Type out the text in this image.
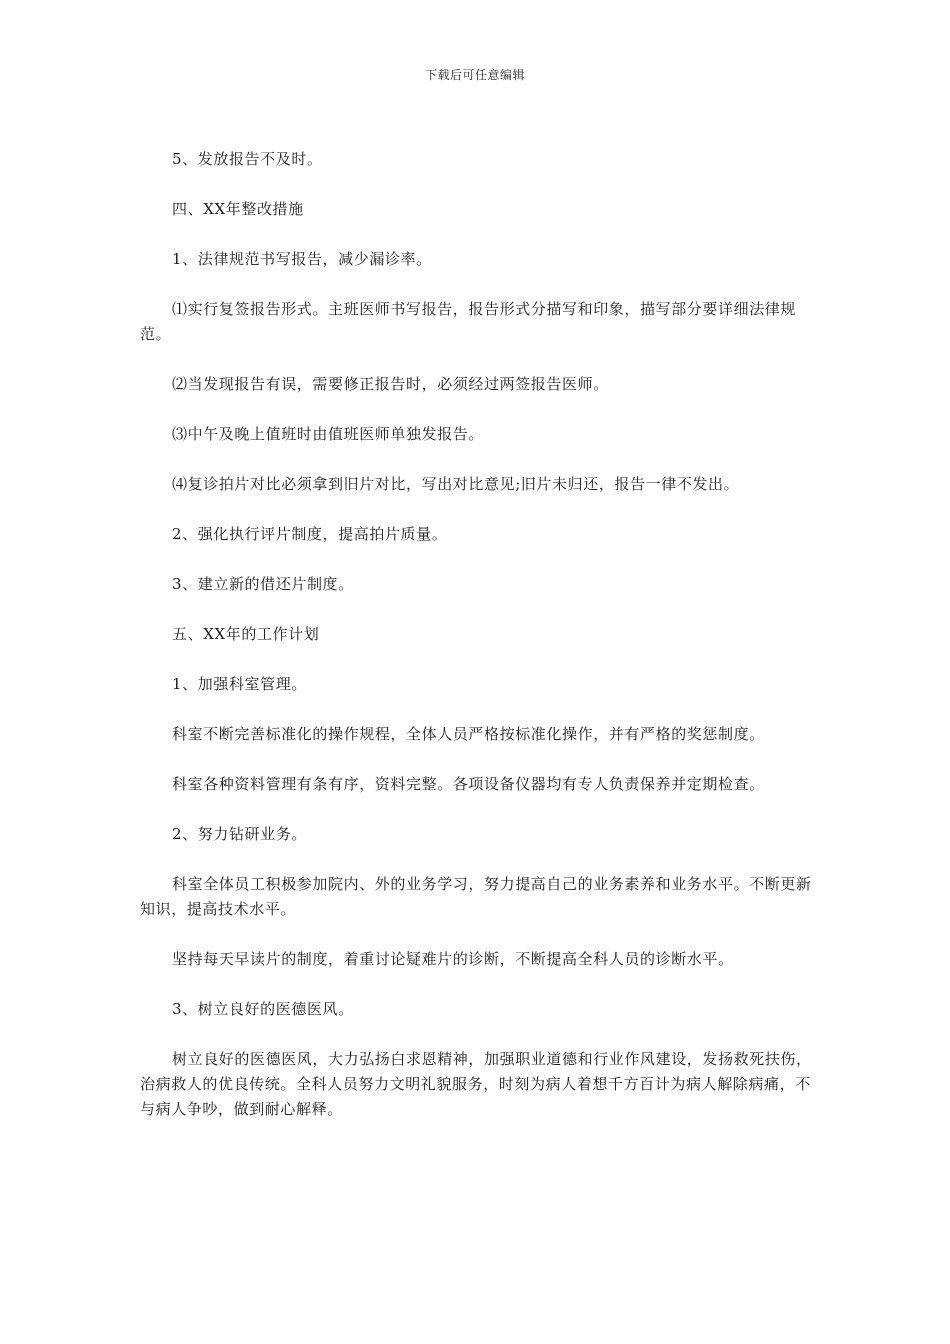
下载后可任意编辑

5、发放报告不及时。

四、XX年整改措施

1、法律规范书写报告，减少漏诊率。

⑴实行复签报告形式。主班医师书写报告，报告形式分描写和印象，描写部分要详细法律规范。

⑵当发现报告有误，需要修正报告时，必须经过两签报告医师。

⑶中午及晚上值班时由值班医师单独发报告。

⑷复诊拍片对比必须拿到旧片对比，写出对比意见;旧片未归还，报告一律不发出。

2、强化执行评片制度，提高拍片质量。

3、建立新的借还片制度。

五、XX年的工作计划

1、加强科室管理。

科室不断完善标准化的操作规程，全体人员严格按标准化操作，并有严格的奖惩制度。

科室各种资料管理有条有序，资料完整。各项设备仪器均有专人负责保养并定期检查。

2、努力钻研业务。

科室全体员工积极参加院内、外的业务学习，努力提高自己的业务素养和业务水平。不断更新知识，提高技术水平。

坚持每天早读片的制度，着重讨论疑难片的诊断，不断提高全科人员的诊断水平。

3、树立良好的医德医风。

树立良好的医德医风，大力弘扬白求恩精神，加强职业道德和行业作风建设，发扬救死扶伤，治病救人的优良传统。全科人员努力文明礼貌服务，时刻为病人着想千方百计为病人解除病痛，不与病人争吵，做到耐心解释。
